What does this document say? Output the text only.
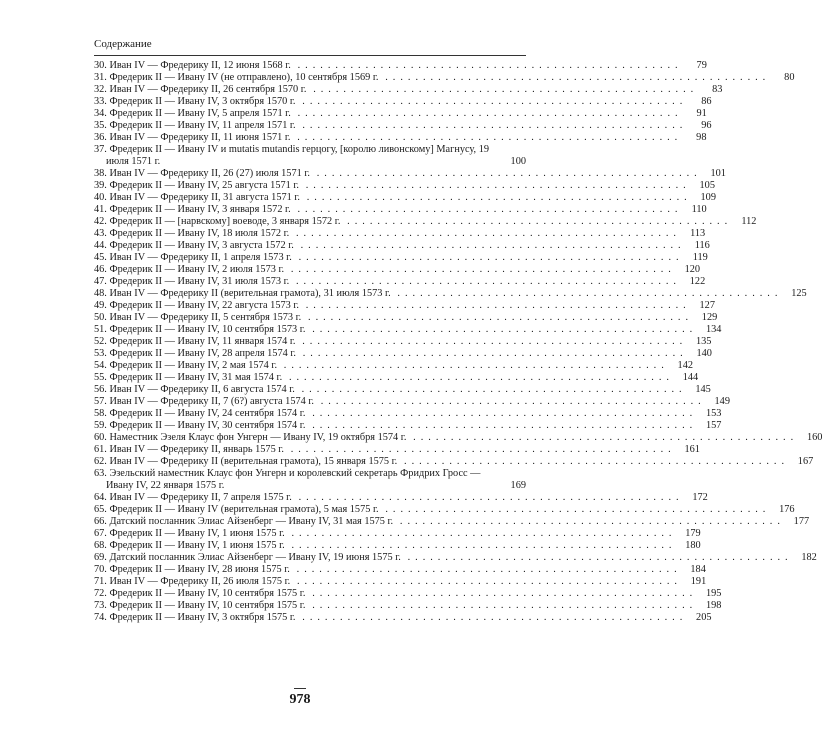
Содержание
30. Иван IV — Фредерику II, 12 июня 1568 г. . . . . . . . . . . . . . . . . . . . . . . . . . . . . . . . . . . . . . . . . . . . . . . . . . . .	79
31. Фредерик II — Ивану IV (не отправлено), 10 сентября 1569 г. . . . . . . . . . . . . . . . . . . . . . . . . . . . . . . . . . . . . . . . . . . . . . . . . . . .	80
32. Иван IV — Фредерику II, 26 сентября 1570 г. . . . . . . . . . . . . . . . . . . . . . . . . . . . . . . . . . . . . . . . . . . . . . . . . . . .	83
33. Фредерик II — Ивану IV, 3 октября 1570 г. . . . . . . . . . . . . . . . . . . . . . . . . . . . . . . . . . . . . . . . . . . . . . . . . . . .	86
34. Фредерик II — Ивану IV, 5 апреля 1571 г. . . . . . . . . . . . . . . . . . . . . . . . . . . . . . . . . . . . . . . . . . . . . . . . . . . .	91
35. Фредерик II — Ивану IV, 11 апреля 1571 г. . . . . . . . . . . . . . . . . . . . . . . . . . . . . . . . . . . . . . . . . . . . . . . . . . . .	96
36. Иван IV — Фредерику II, 11 июня 1571 г. . . . . . . . . . . . . . . . . . . . . . . . . . . . . . . . . . . . . . . . . . . . . . . . . . . .	98
37. Фредерик II — Ивану IV и mutatis mutandis герцогу, [королю ливонскому] Магнусу, 19 июля 1571 г.	100
38. Иван IV — Фредерику II, 26 (27) июля 1571 г. . . . . . . . . . . . . . . . . . . . . . . . . . . . . . . . . . . . . . . . . . . . . . . . . . . .	101
39. Фредерик II — Ивану IV, 25 августа 1571 г. . . . . . . . . . . . . . . . . . . . . . . . . . . . . . . . . . . . . . . . . . . . . . . . . . . .	105
40. Иван IV — Фредерику II, 31 августа 1571 г. . . . . . . . . . . . . . . . . . . . . . . . . . . . . . . . . . . . . . . . . . . . . . . . . . . .	109
41. Фредерик II — Ивану IV, 3 января 1572 г. . . . . . . . . . . . . . . . . . . . . . . . . . . . . . . . . . . . . . . . . . . . . . . . . . . .	110
42. Фредерик II — [нарвскому] воеводе, 3 января 1572 г. . . . . . . . . . . . . . . . . . . . . . . . . . . . . . . . . . . . . . . . . . . . . . . . . . . .	112
43. Фредерик II — Ивану IV, 18 июля 1572 г. . . . . . . . . . . . . . . . . . . . . . . . . . . . . . . . . . . . . . . . . . . . . . . . . . . .	113
44. Фредерик II — Ивану IV, 3 августа 1572 г. . . . . . . . . . . . . . . . . . . . . . . . . . . . . . . . . . . . . . . . . . . . . . . . . . . .	116
45. Иван IV — Фредерику II, 1 апреля 1573 г. . . . . . . . . . . . . . . . . . . . . . . . . . . . . . . . . . . . . . . . . . . . . . . . . . . .	119
46. Фредерик II — Ивану IV, 2 июля 1573 г. . . . . . . . . . . . . . . . . . . . . . . . . . . . . . . . . . . . . . . . . . . . . . . . . . . .	120
47. Фредерик II — Ивану IV, 31 июля 1573 г. . . . . . . . . . . . . . . . . . . . . . . . . . . . . . . . . . . . . . . . . . . . . . . . . . . .	122
48. Иван IV — Фредерику II (верительная грамота), 31 июля 1573 г. . . . . . . . . . . . . . . . . . . . . . . . . . . . . . . . . . . . . . . . . . . . . . . . . . . .	125
49. Фредерик II — Ивану IV, 22 августа 1573 г. . . . . . . . . . . . . . . . . . . . . . . . . . . . . . . . . . . . . . . . . . . . . . . . . . . .	127
50. Иван IV — Фредерику II, 5 сентября 1573 г. . . . . . . . . . . . . . . . . . . . . . . . . . . . . . . . . . . . . . . . . . . . . . . . . . . .	129
51. Фредерик II — Ивану IV, 10 сентября 1573 г. . . . . . . . . . . . . . . . . . . . . . . . . . . . . . . . . . . . . . . . . . . . . . . . . . . .	134
52. Фредерик II — Ивану IV, 11 января 1574 г. . . . . . . . . . . . . . . . . . . . . . . . . . . . . . . . . . . . . . . . . . . . . . . . . . . .	135
53. Фредерик II — Ивану IV, 28 апреля 1574 г. . . . . . . . . . . . . . . . . . . . . . . . . . . . . . . . . . . . . . . . . . . . . . . . . . . .	140
54. Фредерик II — Ивану IV, 2 мая 1574 г. . . . . . . . . . . . . . . . . . . . . . . . . . . . . . . . . . . . . . . . . . . . . . . . . . . .	142
55. Фредерик II — Ивану IV, 31 мая 1574 г. . . . . . . . . . . . . . . . . . . . . . . . . . . . . . . . . . . . . . . . . . . . . . . . . . . .	144
56. Иван IV — Фредерику II, 6 августа 1574 г. . . . . . . . . . . . . . . . . . . . . . . . . . . . . . . . . . . . . . . . . . . . . . . . . . . .	145
57. Иван IV — Фредерику II, 7 (6?) августа 1574 г. . . . . . . . . . . . . . . . . . . . . . . . . . . . . . . . . . . . . . . . . . . . . . . . . . . .	149
58. Фредерик II — Ивану IV, 24 сентября 1574 г. . . . . . . . . . . . . . . . . . . . . . . . . . . . . . . . . . . . . . . . . . . . . . . . . . . .	153
59. Фредерик II — Ивану IV, 30 сентября 1574 г. . . . . . . . . . . . . . . . . . . . . . . . . . . . . . . . . . . . . . . . . . . . . . . . . . . .	157
60. Наместник Эзеля Клаус фон Унгерн — Ивану IV, 19 октября 1574 г. . . . . . . . . . . . . . . . . . . . . . . . . . . . . . . . . . . . . . . . . . . . . . . . . . . .	160
61. Иван IV — Фредерику II, январь 1575 г. . . . . . . . . . . . . . . . . . . . . . . . . . . . . . . . . . . . . . . . . . . . . . . . . . . .	161
62. Иван IV — Фредерику II (верительная грамота), 15 января 1575 г. . . . . . . . . . . . . . . . . . . . . . . . . . . . . . . . . . . . . . . . . . . . . . . . . . . .	167
63. Эзельский наместник Клаус фон Унгерн и королевский секретарь Фридрих Гросс — Ивану IV, 22 января 1575 г.	169
64. Иван IV — Фредерику II, 7 апреля 1575 г. . . . . . . . . . . . . . . . . . . . . . . . . . . . . . . . . . . . . . . . . . . . . . . . . . . .	172
65. Фредерик II — Ивану IV (верительная грамота), 5 мая 1575 г. . . . . . . . . . . . . . . . . . . . . . . . . . . . . . . . . . . . . . . . . . . . . . . . . . . .	176
66. Датский посланник Элиас Айзенберг — Ивану IV, 31 мая 1575 г. . . . . . . . . . . . . . . . . . . . . . . . . . . . . . . . . . . . . . . . . . . . . . . . . . . .	177
67. Фредерик II — Ивану IV, 1 июня 1575 г. . . . . . . . . . . . . . . . . . . . . . . . . . . . . . . . . . . . . . . . . . . . . . . . . . . .	179
68. Фредерик II — Ивану IV, 1 июня 1575 г. . . . . . . . . . . . . . . . . . . . . . . . . . . . . . . . . . . . . . . . . . . . . . . . . . . .	180
69. Датский посланник Элиас Айзенберг — Ивану IV, 19 июня 1575 г. . . . . . . . . . . . . . . . . . . . . . . . . . . . . . . . . . . . . . . . . . . . . . . . . . . .	182
70. Фредерик II — Ивану IV, 28 июня 1575 г. . . . . . . . . . . . . . . . . . . . . . . . . . . . . . . . . . . . . . . . . . . . . . . . . . . .	184
71. Иван IV — Фредерику II, 26 июля 1575 г. . . . . . . . . . . . . . . . . . . . . . . . . . . . . . . . . . . . . . . . . . . . . . . . . . . .	191
72. Фредерик II — Ивану IV, 10 сентября 1575 г. . . . . . . . . . . . . . . . . . . . . . . . . . . . . . . . . . . . . . . . . . . . . . . . . . . .	195
73. Фредерик II — Ивану IV, 10 сентября 1575 г. . . . . . . . . . . . . . . . . . . . . . . . . . . . . . . . . . . . . . . . . . . . . . . . . . . .	198
74. Фредерик II — Ивану IV, 3 октября 1575 г. . . . . . . . . . . . . . . . . . . . . . . . . . . . . . . . . . . . . . . . . . . . . . . . . . . .	205
978
